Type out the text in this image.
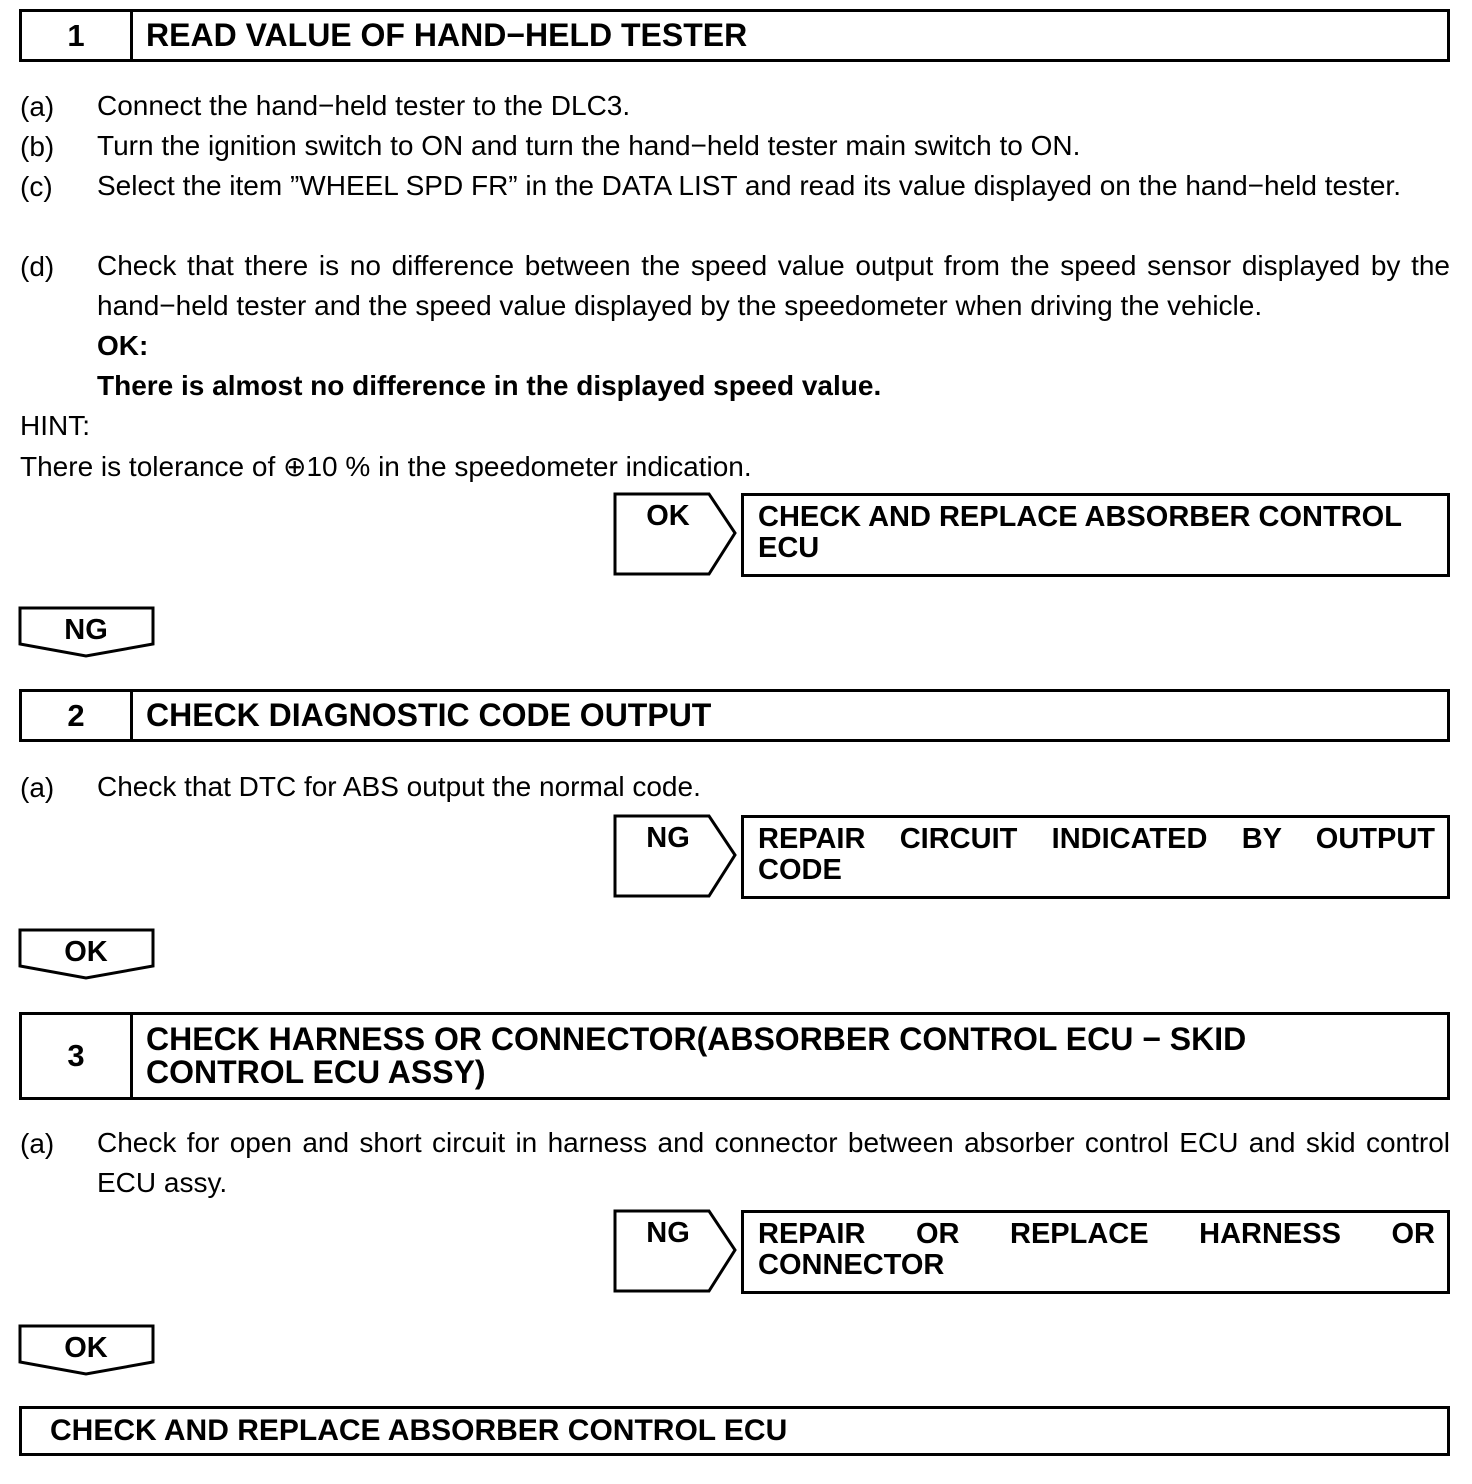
1	READ VALUE OF HAND−HELD TESTER
(a) Connect the hand−held tester to the DLC3.
(b) Turn the ignition switch to ON and turn the hand−held tester main switch to ON.
(c) Select the item ”WHEEL SPD FR” in the DATA LIST and read its value displayed on the hand−held tester.
(d) Check that there is no difference between the speed value output from the speed sensor displayed by the hand−held tester and the speed value displayed by the speedometer when driving the vehicle.
OK:
There is almost no difference in the displayed speed value.
HINT:
There is tolerance of ⊕10 % in the speedometer indication.
OK	CHECK AND REPLACE ABSORBER CONTROL
ECU
NG
2	CHECK DIAGNOSTIC CODE OUTPUT
(a) Check that DTC for ABS output the normal code.
NG	REPAIR CIRCUIT INDICATED BY OUTPUT
CODE
OK
3	CHECK HARNESS OR CONNECTOR(ABSORBER CONTROL ECU − SKID
CONTROL ECU ASSY)
(a) Check for open and short circuit in harness and connector between absorber control ECU and skid control ECU assy.
NG	REPAIR OR REPLACE HARNESS OR
CONNECTOR
OK
CHECK AND REPLACE ABSORBER CONTROL ECU
